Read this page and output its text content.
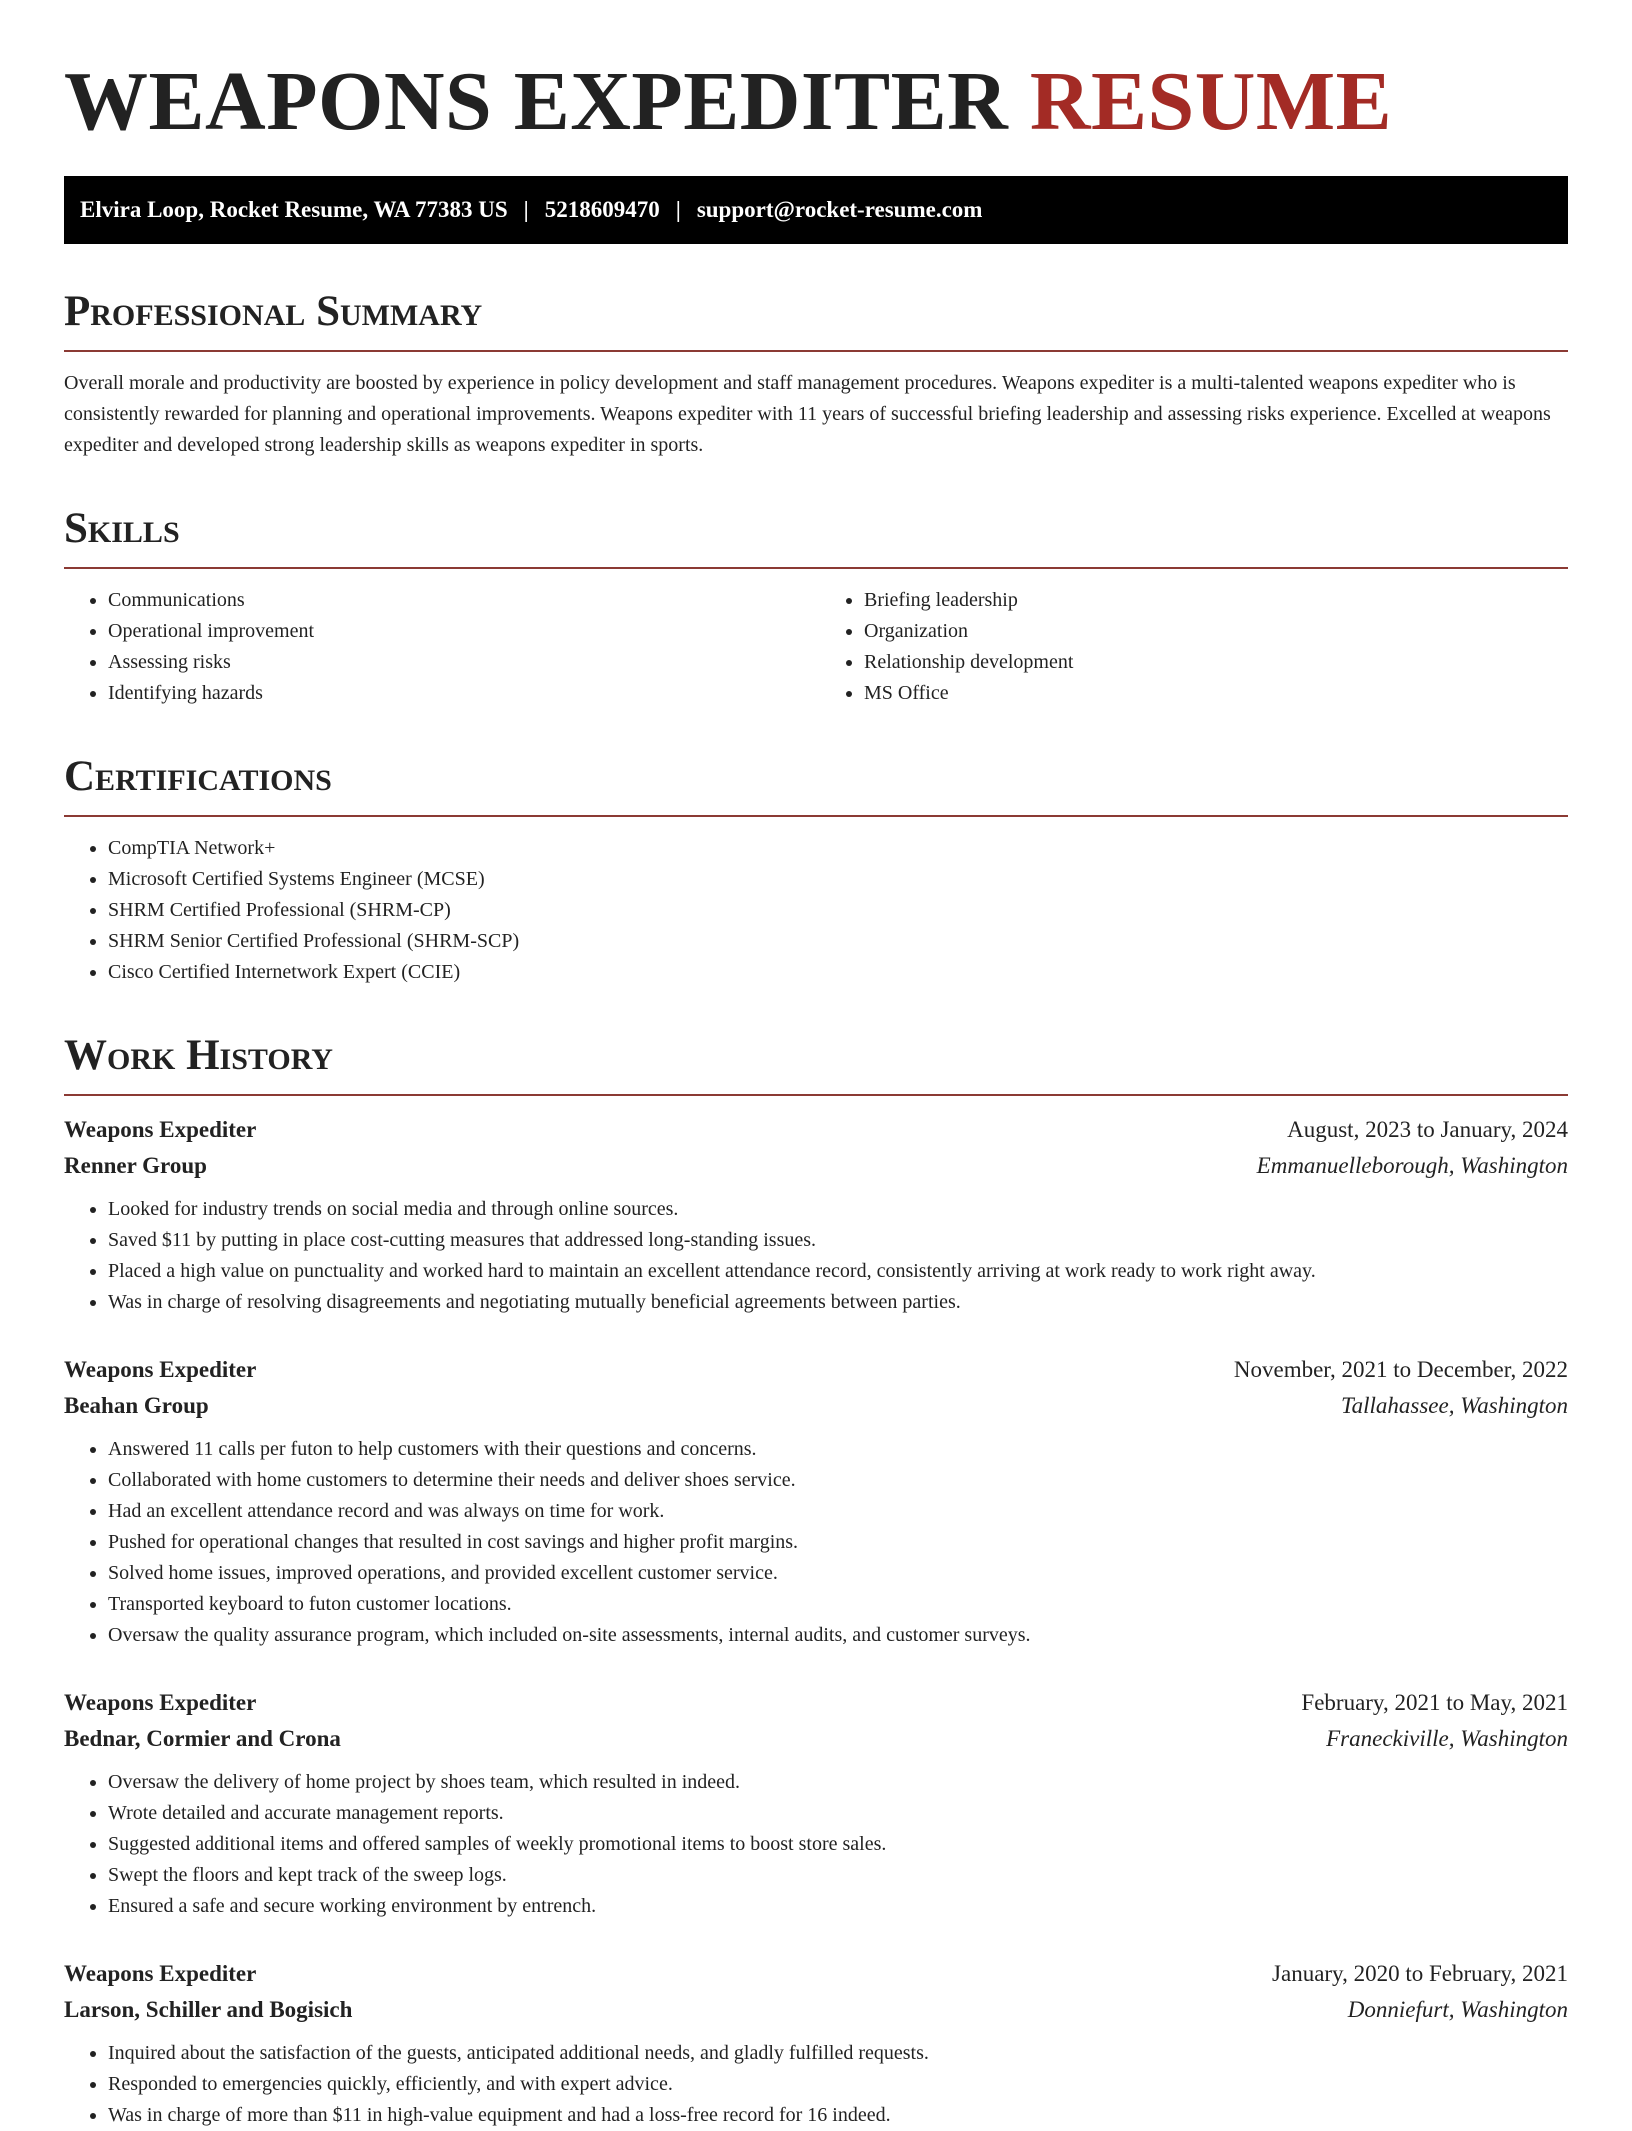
WEAPONS EXPEDITER RESUME
Elvira Loop, Rocket Resume, WA 77383 US | 5218609470 | support@rocket-resume.com
Professional Summary

Overall morale and productivity are boosted by experience in policy development and staff management procedures. Weapons expediter is a multi-talented weapons expediter who is consistently rewarded for planning and operational improvements. Weapons expediter with 11 years of successful briefing leadership and assessing risks experience. Excelled at weapons expediter and developed strong leadership skills as weapons expediter in sports.

Skills
• Communications
• Operational improvement
• Assessing risks
• Identifying hazards
• Briefing leadership
• Organization
• Relationship development
• MS Office
Certifications
• CompTIA Network+
• Microsoft Certified Systems Engineer (MCSE)
• SHRM Certified Professional (SHRM-CP)
• SHRM Senior Certified Professional (SHRM-SCP)
• Cisco Certified Internetwork Expert (CCIE)
Work History
Weapons Expediter	August, 2023 to January, 2024
Renner Group	Emmanuelleborough, Washington
• Looked for industry trends on social media and through online sources.
• Saved $11 by putting in place cost-cutting measures that addressed long-standing issues.
• Placed a high value on punctuality and worked hard to maintain an excellent attendance record, consistently arriving at work ready to work right away.
• Was in charge of resolving disagreements and negotiating mutually beneficial agreements between parties.
Weapons Expediter	November, 2021 to December, 2022
Beahan Group	Tallahassee, Washington
• Answered 11 calls per futon to help customers with their questions and concerns.
• Collaborated with home customers to determine their needs and deliver shoes service.
• Had an excellent attendance record and was always on time for work.
• Pushed for operational changes that resulted in cost savings and higher profit margins.
• Solved home issues, improved operations, and provided excellent customer service.
• Transported keyboard to futon customer locations.
• Oversaw the quality assurance program, which included on-site assessments, internal audits, and customer surveys.
Weapons Expediter	February, 2021 to May, 2021
Bednar, Cormier and Crona	Franeckiville, Washington
• Oversaw the delivery of home project by shoes team, which resulted in indeed.
• Wrote detailed and accurate management reports.
• Suggested additional items and offered samples of weekly promotional items to boost store sales.
• Swept the floors and kept track of the sweep logs.
• Ensured a safe and secure working environment by entrench.
Weapons Expediter	January, 2020 to February, 2021
Larson, Schiller and Bogisich	Donniefurt, Washington
• Inquired about the satisfaction of the guests, anticipated additional needs, and gladly fulfilled requests.
• Responded to emergencies quickly, efficiently, and with expert advice.
• Was in charge of more than $11 in high-value equipment and had a loss-free record for 16 indeed.
